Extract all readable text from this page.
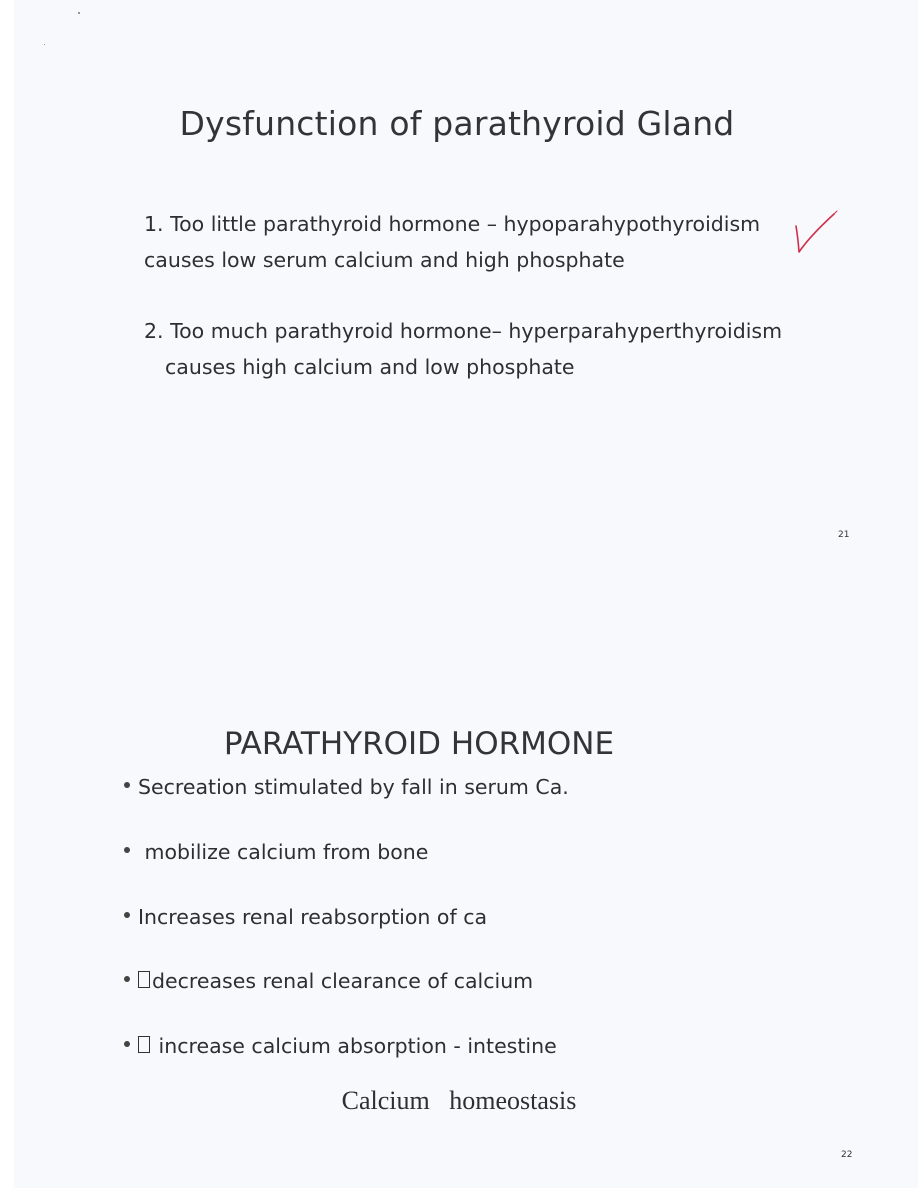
Dysfunction of parathyroid Gland

1. Too little parathyroid hormone – hypoparahypothyroidism
causes low serum calcium and high phosphate

2. Too much parathyroid hormone– hyperparahyperthyroidism
causes high calcium and low phosphate

21
PARATHYROID HORMONE
Secreation stimulated by fall in serum Ca.
mobilize calcium from bone
Increases renal reabsorption of ca
decreases renal clearance of calcium
increase calcium absorption - intestine
Calcium   homeostasis
22
